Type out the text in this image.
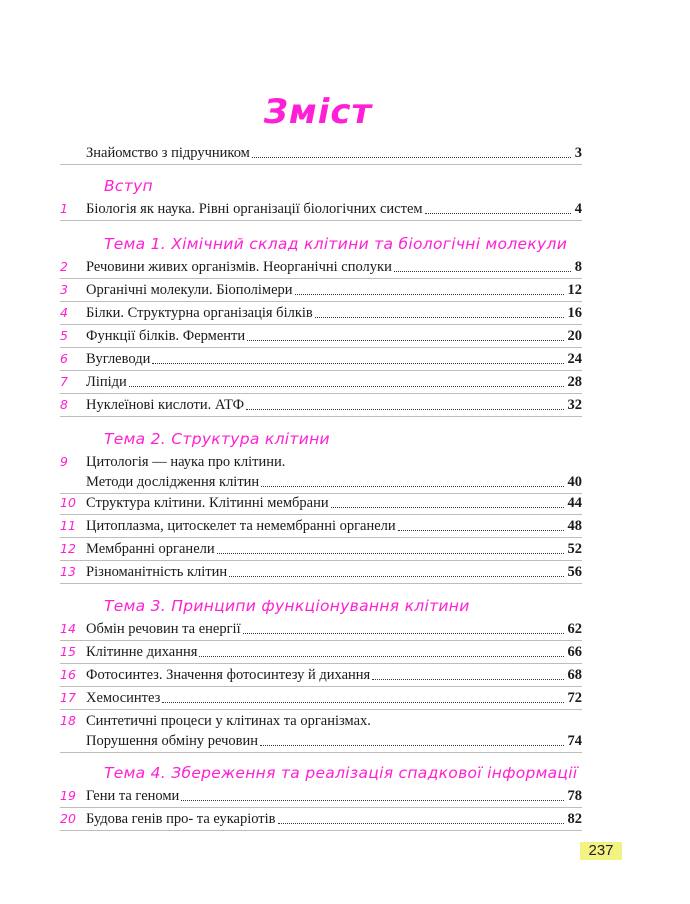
Зміст
Знайомство з підручником	3
Вступ
1	Біологія як наука. Рівні організації біологічних систем	4
Тема 1. Хімічний склад клітини та біологічні молекули
2	Речовини живих організмів. Неорганічні сполуки	8
3	Органічні молекули. Біополімери	12
4	Білки. Структурна організація білків	16
5	Функції білків. Ферменти	20
6	Вуглеводи	24
7	Ліпіди	28
8	Нуклеїнові кислоти. АТФ	32
Тема 2. Структура клітини
9	Цитологія — наука про клітини.
Методи дослідження клітин	40
10 Структура клітини. Клітинні мембрани	44
11 Цитоплазма, цитоскелет та немембранні органели	48
12 Мембранні органели	52
13 Різноманітність клітин	56
Тема 3. Принципи функціонування клітини
14 Обмін речовин та енергії	62
15 Клітинне дихання	66
16 Фотосинтез. Значення фотосинтезу й дихання	68
17 Хемосинтез	72
18 Синтетичні процеси у клітинах та організмах.
Порушення обміну речовин	74
Тема 4. Збереження та реалізація спадкової інформації
19 Гени та геноми	78
20 Будова генів про- та еукаріотів	82
237
